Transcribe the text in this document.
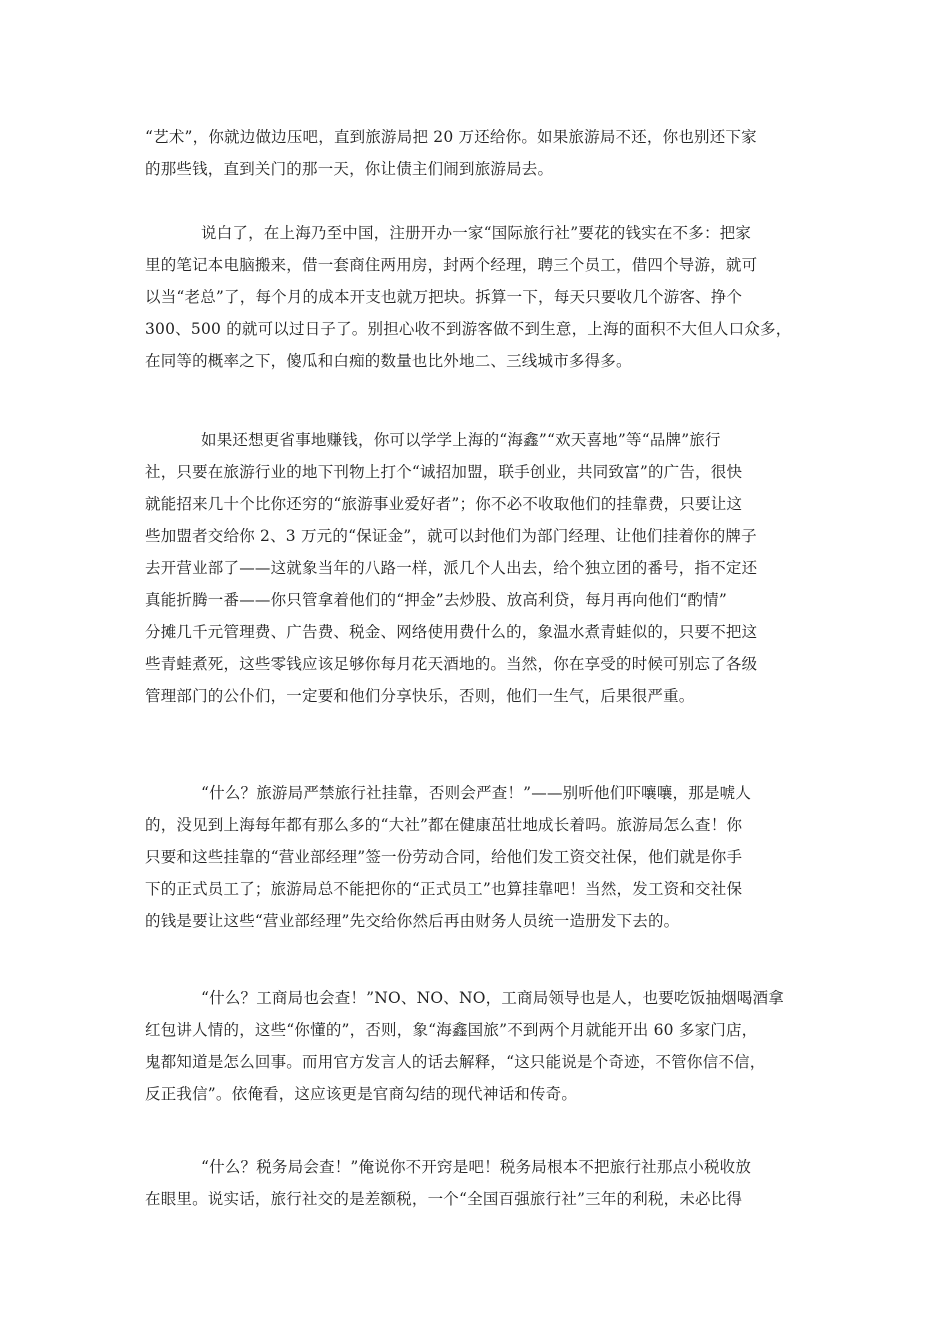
“艺术”，你就边做边压吧，直到旅游局把 20 万还给你。如果旅游局不还，你也别还下家
的那些钱，直到关门的那一天，你让债主们闹到旅游局去。
说白了，在上海乃至中国，注册开办一家“国际旅行社”要花的钱实在不多：把家
里的笔记本电脑搬来，借一套商住两用房，封两个经理，聘三个员工，借四个导游，就可
以当“老总”了，每个月的成本开支也就万把块。拆算一下，每天只要收几个游客、挣个
300、500 的就可以过日子了。别担心收不到游客做不到生意，上海的面积不大但人口众多，
在同等的概率之下，傻瓜和白痴的数量也比外地二、三线城市多得多。
如果还想更省事地赚钱，你可以学学上海的“海鑫”“欢天喜地”等“品牌”旅行
社，只要在旅游行业的地下刊物上打个“诚招加盟，联手创业，共同致富”的广告，很快
就能招来几十个比你还穷的“旅游事业爱好者”；你不必不收取他们的挂靠费，只要让这
些加盟者交给你 2、3 万元的“保证金”，就可以封他们为部门经理、让他们挂着你的牌子
去开营业部了——这就象当年的八路一样，派几个人出去，给个独立团的番号，指不定还
真能折腾一番——你只管拿着他们的“押金”去炒股、放高利贷，每月再向他们“酌情”
分摊几千元管理费、广告费、税金、网络使用费什么的，象温水煮青蛙似的，只要不把这
些青蛙煮死，这些零钱应该足够你每月花天酒地的。当然，你在享受的时候可别忘了各级
管理部门的公仆们，一定要和他们分享快乐，否则，他们一生气，后果很严重。
“什么？旅游局严禁旅行社挂靠，否则会严查！”——别听他们吓嚷嚷，那是唬人
的，没见到上海每年都有那么多的“大社”都在健康茁壮地成长着吗。旅游局怎么查！你
只要和这些挂靠的“营业部经理”签一份劳动合同，给他们发工资交社保，他们就是你手
下的正式员工了；旅游局总不能把你的“正式员工”也算挂靠吧！当然，发工资和交社保
的钱是要让这些“营业部经理”先交给你然后再由财务人员统一造册发下去的。
“什么？工商局也会查！”NO、NO、NO，工商局领导也是人，也要吃饭抽烟喝酒拿
红包讲人情的，这些“你懂的”，否则，象“海鑫国旅”不到两个月就能开出 60 多家门店，
鬼都知道是怎么回事。而用官方发言人的话去解释，“这只能说是个奇迹，不管你信不信，
反正我信”。依俺看，这应该更是官商勾结的现代神话和传奇。
“什么？税务局会查！”俺说你不开窍是吧！税务局根本不把旅行社那点小税收放
在眼里。说实话，旅行社交的是差额税，一个“全国百强旅行社”三年的利税，未必比得
